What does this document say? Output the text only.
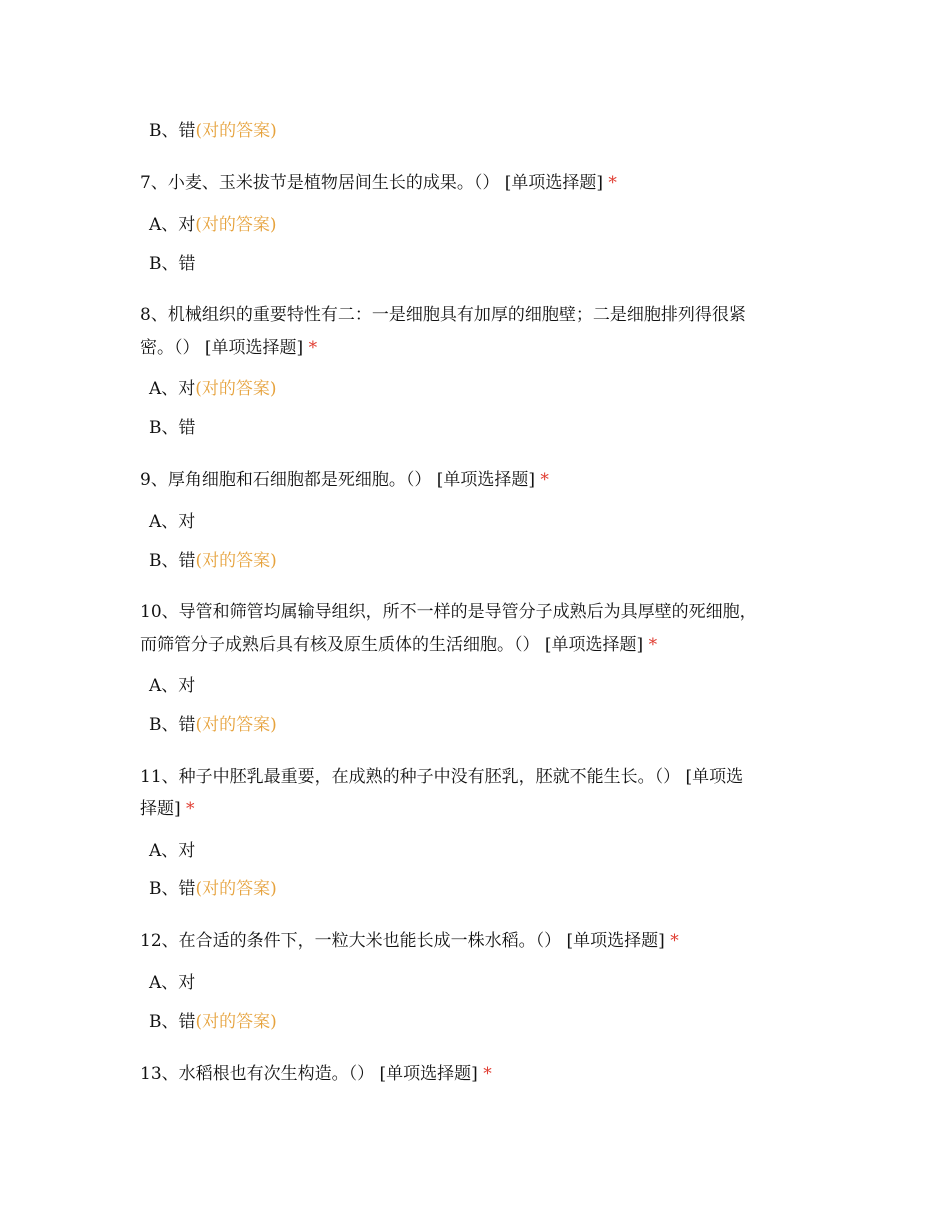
B、错(对的答案)
7、小麦、玉米拔节是植物居间生长的成果。（） [单项选择题] *
A、对(对的答案)
B、错
8、机械组织的重要特性有二：一是细胞具有加厚的细胞壁；二是细胞排列得很紧
密。（） [单项选择题] *
A、对(对的答案)
B、错
9、厚角细胞和石细胞都是死细胞。（） [单项选择题] *
A、对
B、错(对的答案)
10、导管和筛管均属输导组织，所不一样的是导管分子成熟后为具厚壁的死细胞，
而筛管分子成熟后具有核及原生质体的生活细胞。（） [单项选择题] *
A、对
B、错(对的答案)
11、种子中胚乳最重要，在成熟的种子中没有胚乳，胚就不能生长。（） [单项选
择题] *
A、对
B、错(对的答案)
12、在合适的条件下，一粒大米也能长成一株水稻。（） [单项选择题] *
A、对
B、错(对的答案)
13、水稻根也有次生构造。（） [单项选择题] *
